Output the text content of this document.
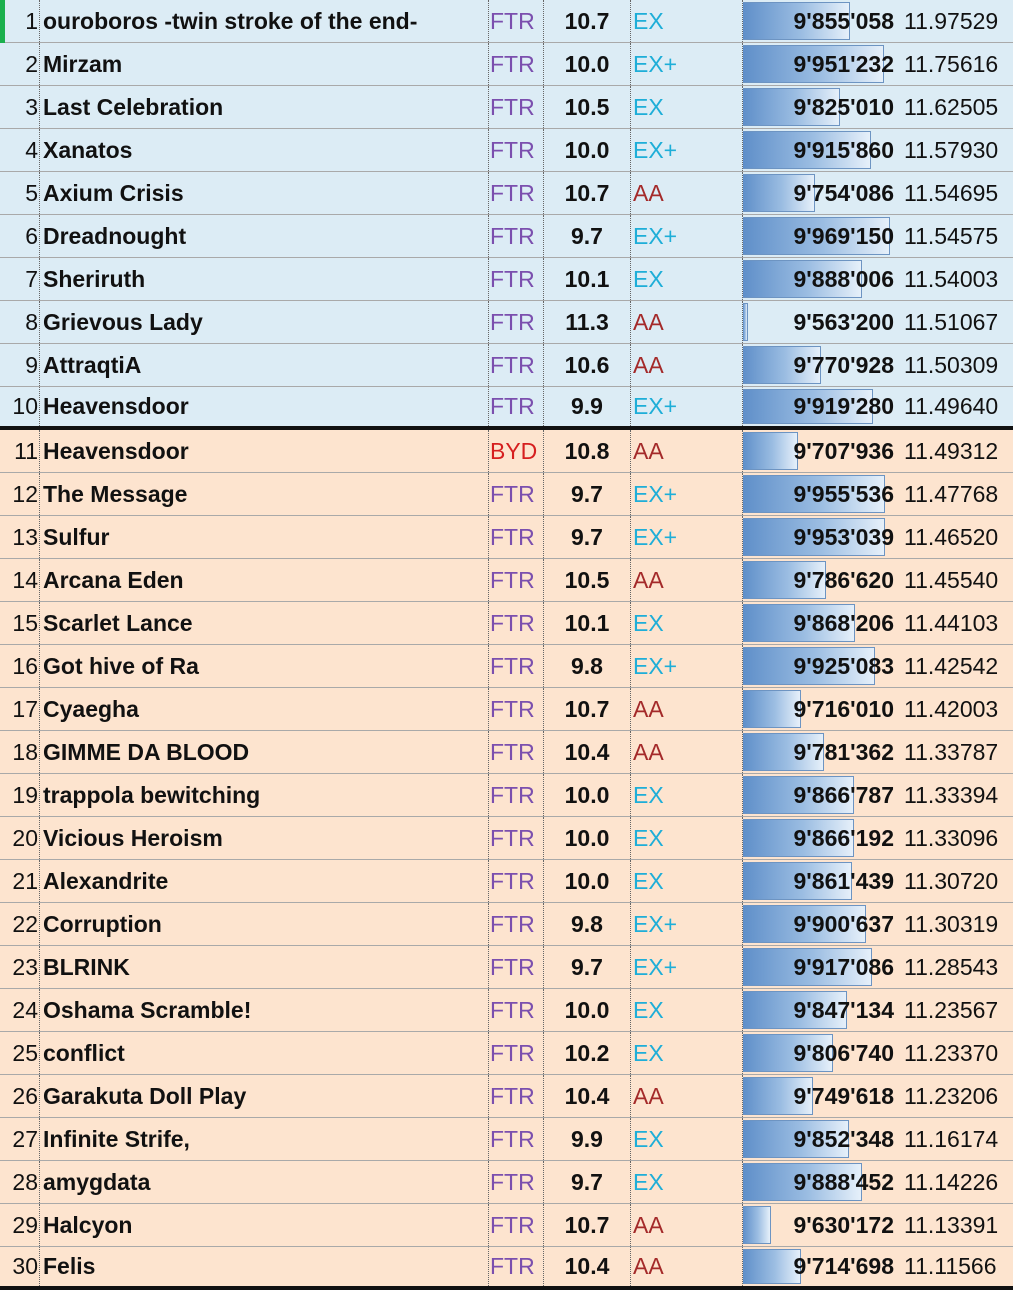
1 ouroboros -twin stroke of the end-	FTR	10.7	EX	9'855'058 11.97529
2 Mirzam	FTR	10.0	EX+	9'951'232 11.75616
3 Last Celebration	FTR	10.5	EX	9'825'010 11.62505
4 Xanatos	FTR	10.0	EX+	9'915'860 11.57930
5 Axium Crisis	FTR	10.7	AA	9'754'086 11.54695
6 Dreadnought	FTR	9.7	EX+	9'969'150 11.54575
7 Sheriruth	FTR	10.1	EX	9'888'006 11.54003
8 Grievous Lady	FTR	11.3	AA	9'563'200 11.51067
9 AttraqtiA	FTR	10.6	AA	9'770'928 11.50309
10 Heavensdoor	FTR	9.9	EX+	9'919'280 11.49640
11 Heavensdoor	BYD	10.8	AA	9'707'936 11.49312
12 The Message	FTR	9.7	EX+	9'955'536 11.47768
13 Sulfur	FTR	9.7	EX+	9'953'039 11.46520
14 Arcana Eden	FTR	10.5	AA	9'786'620 11.45540
15 Scarlet Lance	FTR	10.1	EX	9'868'206 11.44103
16 Got hive of Ra	FTR	9.8	EX+	9'925'083 11.42542
17 Cyaegha	FTR	10.7	AA	9'716'010 11.42003
18 GIMME DA BLOOD	FTR	10.4	AA	9'781'362 11.33787
19 trappola bewitching	FTR	10.0	EX	9'866'787 11.33394
20 Vicious Heroism	FTR	10.0	EX	9'866'192 11.33096
21 Alexandrite	FTR	10.0	EX	9'861'439 11.30720
22 Corruption	FTR	9.8	EX+	9'900'637 11.30319
23 BLRINK	FTR	9.7	EX+	9'917'086 11.28543
24 Oshama Scramble!	FTR	10.0	EX	9'847'134 11.23567
25 conflict	FTR	10.2	EX	9'806'740 11.23370
26 Garakuta Doll Play	FTR	10.4	AA	9'749'618 11.23206
27 Infinite Strife,	FTR	9.9	EX	9'852'348 11.16174
28 amygdata	FTR	9.7	EX	9'888'452 11.14226
29 Halcyon	FTR	10.7	AA	9'630'172 11.13391
30 Felis	FTR	10.4	AA	9'714'698 11.11566
